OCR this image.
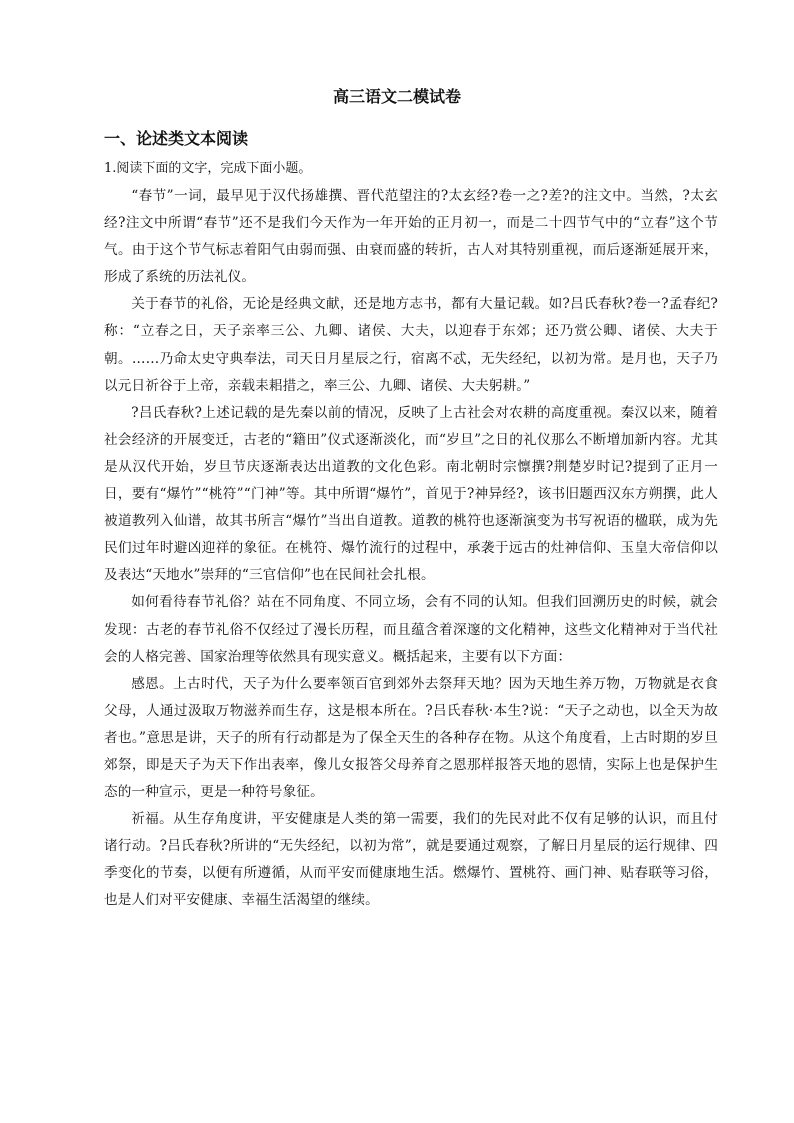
高三语文二模试卷
一、论述类文本阅读
1.阅读下面的文字，完成下面小题。

“春节”一词，最早见于汉代扬雄撰、晋代范望注的?太玄经?卷一之?差?的注文中。当然，?太玄经?注文中所谓“春节”还不是我们今天作为一年开始的正月初一，而是二十四节气中的“立春”这个节气。由于这个节气标志着阳气由弱而强、由衰而盛的转折，古人对其特别重视，而后逐渐延展开来，形成了系统的历法礼仪。

关于春节的礼俗，无论是经典文献，还是地方志书，都有大量记载。如?吕氏春秋?卷一?孟春纪?称：“立春之日，天子亲率三公、九卿、诸侯、大夫，以迎春于东郊；还乃赏公卿、诸侯、大夫于朝。……乃命太史守典奉法，司天日月星辰之行，宿离不忒，无失经纪，以初为常。是月也，天子乃以元日祈谷于上帝，亲载耒耜措之，率三公、九卿、诸侯、大夫躬耕。”

?吕氏春秋?上述记载的是先秦以前的情况，反映了上古社会对农耕的高度重视。秦汉以来，随着社会经济的开展变迁，古老的“籍田”仪式逐渐淡化，而“岁旦”之日的礼仪那么不断增加新内容。尤其是从汉代开始，岁旦节庆逐渐表达出道教的文化色彩。南北朝时宗懔撰?荆楚岁时记?提到了正月一日，要有“爆竹”“桃符”“门神”等。其中所谓“爆竹”，首见于?神异经?，该书旧题西汉东方朔撰，此人被道教列入仙谱，故其书所言“爆竹”当出自道教。道教的桃符也逐渐演变为书写祝语的楹联，成为先民们过年时避凶迎祥的象征。在桃符、爆竹流行的过程中，承袭于远古的灶神信仰、玉皇大帝信仰以及表达“天地水”崇拜的“三官信仰”也在民间社会扎根。

如何看待春节礼俗？站在不同角度、不同立场，会有不同的认知。但我们回溯历史的时候，就会发现：古老的春节礼俗不仅经过了漫长历程，而且蕴含着深邃的文化精神，这些文化精神对于当代社会的人格完善、国家治理等依然具有现实意义。概括起来，主要有以下方面：

感恩。上古时代，天子为什么要率领百官到郊外去祭拜天地？因为天地生养万物，万物就是衣食父母，人通过汲取万物滋养而生存，这是根本所在。?吕氏春秋·本生?说：“天子之动也，以全天为故者也。”意思是讲，天子的所有行动都是为了保全天生的各种存在物。从这个角度看，上古时期的岁旦郊祭，即是天子为天下作出表率，像儿女报答父母养育之恩那样报答天地的恩情，实际上也是保护生态的一种宣示，更是一种符号象征。

祈福。从生存角度讲，平安健康是人类的第一需要，我们的先民对此不仅有足够的认识，而且付诸行动。?吕氏春秋?所讲的“无失经纪，以初为常”，就是要通过观察，了解日月星辰的运行规律、四季变化的节奏，以便有所遵循，从而平安而健康地生活。燃爆竹、置桃符、画门神、贴春联等习俗，也是人们对平安健康、幸福生活渴望的继续。
